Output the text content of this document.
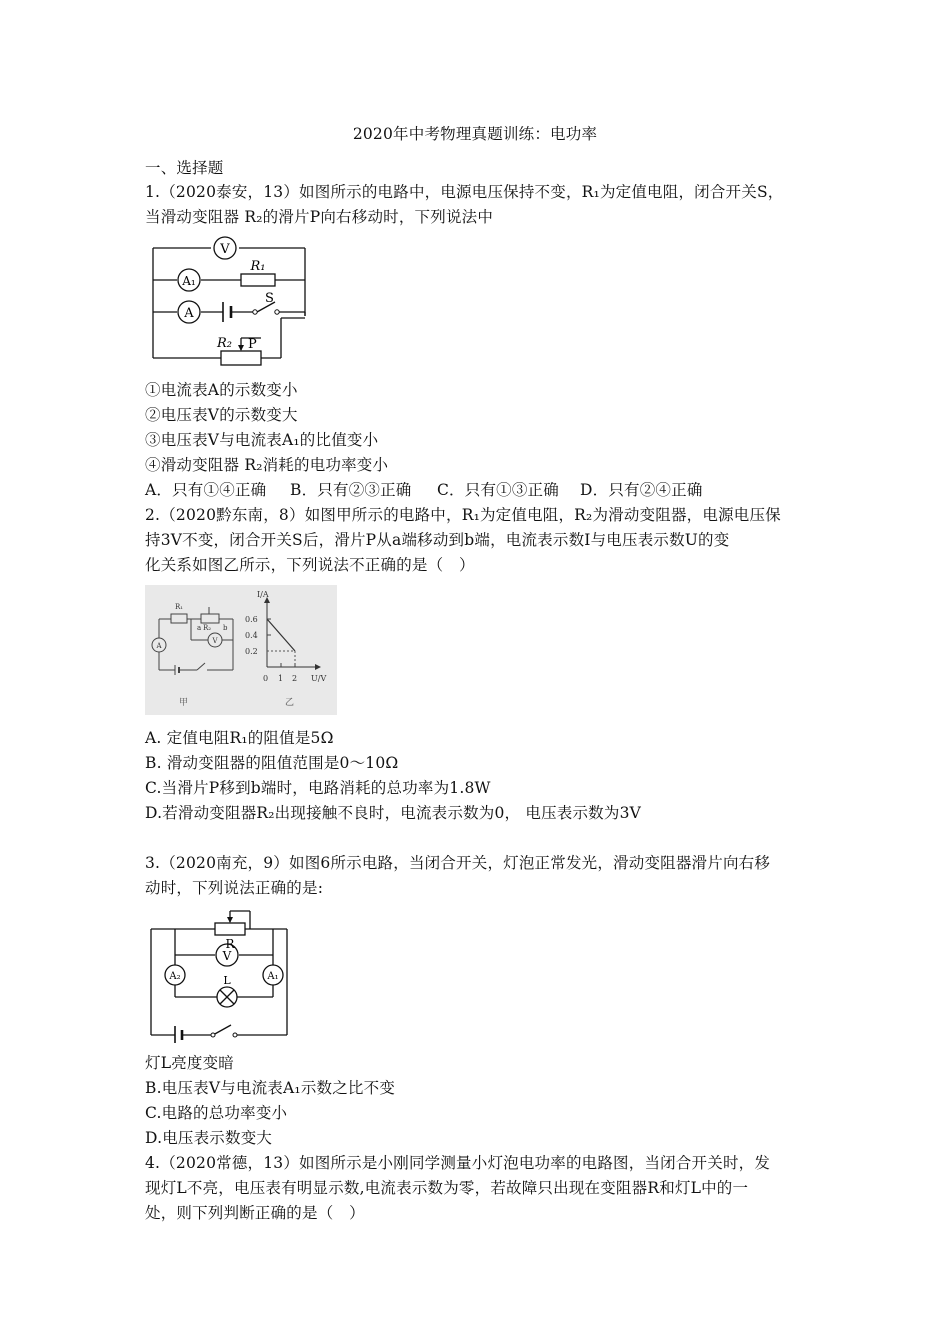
2020年中考物理真题训练：电功率
一、选择题
1.（2020泰安，13）如图所示的电路中，电源电压保持不变，R₁为定值电阻，闭合开关S，
当滑动变阻器 R₂的滑片P向右移动时，下列说法中
V
A₁
A
R₁
S
R₂ P
①电流表A的示数变小
②电压表V的示数变大
③电压表V与电流表A₁的比值变小
④滑动变阻器 R₂消耗的电功率变小
A．只有①④正确 B．只有②③正确 C．只有①③正确 D．只有②④正确
2.（2020黔东南，8）如图甲所示的电路中，R₁为定值电阻，R₂为滑动变阻器，电源电压保
持3V不变，闭合开关S后，滑片P从a端移动到b端，电流表示数I与电压表示数U的变
化关系如图乙所示，下列说法不正确的是（　）
R₁
R₂
a	b
A
V
甲	乙
I/A
U/V
0.6
0.4
0.2
0 1 2
A. 定值电阻R₁的阻值是5Ω
B. 滑动变阻器的阻值范围是0～10Ω
C.当滑片P移到b端时，电路消耗的总功率为1.8W
D.若滑动变阻器R₂出现接触不良时，电流表示数为0， 电压表示数为3V
3.（2020南充，9）如图6所示电路，当闭合开关，灯泡正常发光，滑动变阻器滑片向右移
动时，下列说法正确的是:
R
V
A₂	A₁
L
灯L亮度变暗
B.电压表V与电流表A₁示数之比不变
C.电路的总功率变小
D.电压表示数变大
4.（2020常德，13）如图所示是小刚同学测量小灯泡电功率的电路图，当闭合开关时，发
现灯L不亮，电压表有明显示数,电流表示数为零，若故障只出现在变阻器R和灯L中的一
处，则下列判断正确的是（　）
